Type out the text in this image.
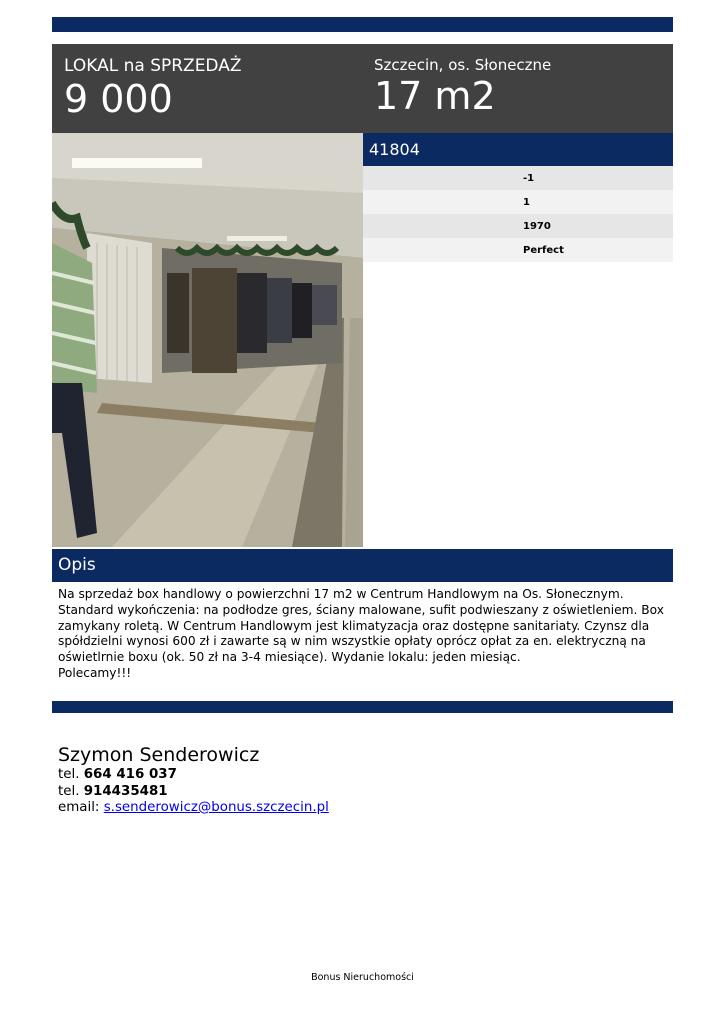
LOKAL na SPRZEDAŻ
9 000
Szczecin, os. Słoneczne
17 m2
41804
-1
1
1970
Perfect
Opis
Na sprzedaż box handlowy o powierzchni 17 m2 w Centrum Handlowym na Os. Słonecznym. Standard wykończenia: na podłodze gres, ściany malowane, sufit podwieszany z oświetleniem. Box zamykany roletą. W Centrum Handlowym jest klimatyzacja oraz dostępne sanitariaty. Czynsz dla spółdzielni wynosi 600 zł i zawarte są w nim wszystkie opłaty oprócz opłat za en. elektryczną na oświetlrnie boxu (ok. 50 zł na 3-4 miesiące). Wydanie lokalu: jeden miesiąc.
Polecamy!!!
Szymon Senderowicz
tel. 664 416 037
tel. 914435481
email: s.senderowicz@bonus.szczecin.pl
Bonus Nieruchomości
